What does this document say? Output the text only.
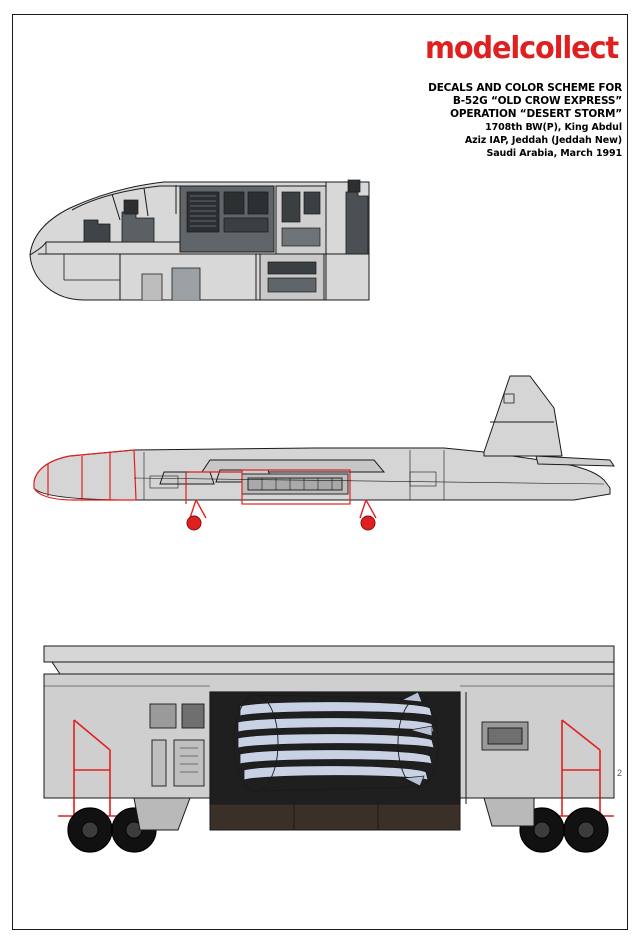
modelcollect
DECALS AND COLOR SCHEME FOR
B-52G “OLD CROW EXPRESS”
OPERATION “DESERT STORM”
1708th BW(P), King Abdul
Aziz IAP, Jeddah (Jeddah New)
Saudi Arabia, March 1991
2
